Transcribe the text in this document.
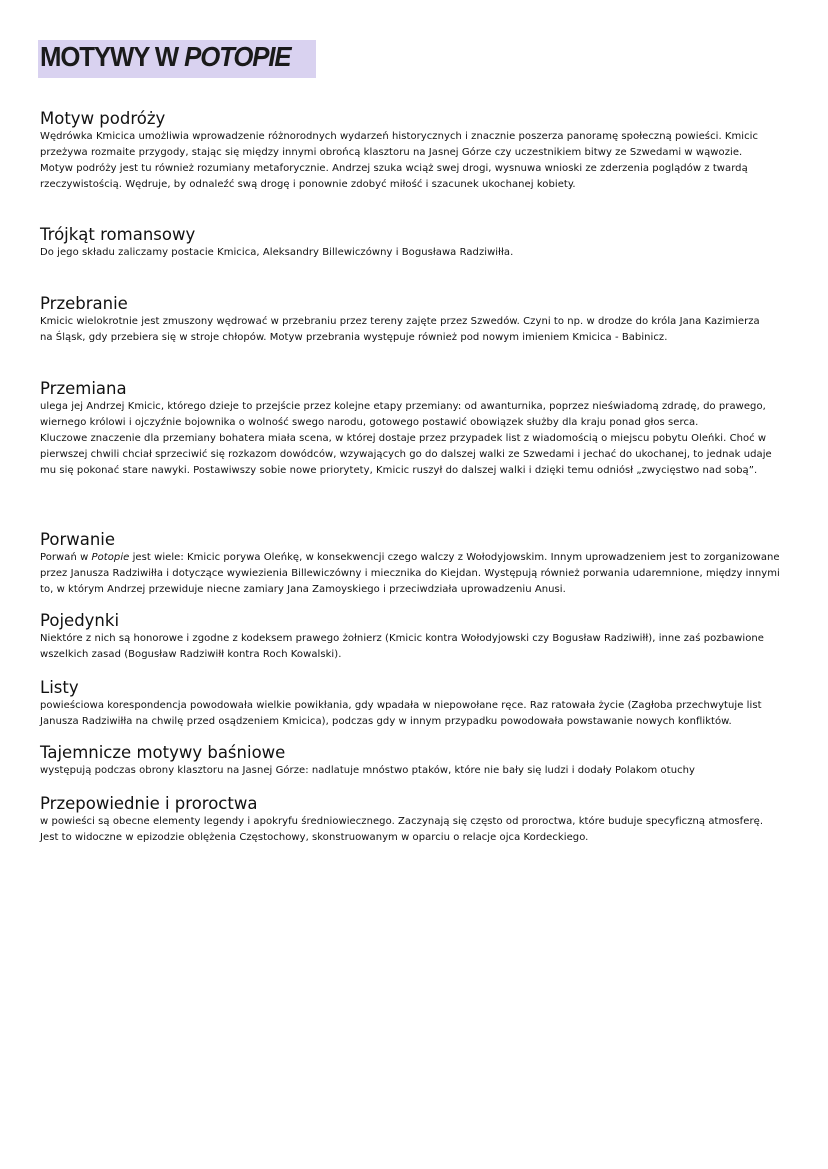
MOTYWY W POTOPIE
Motyw podróży

Wędrówka Kmicica umożliwia wprowadzenie różnorodnych wydarzeń historycznych i znacznie poszerza panoramę społeczną powieści. Kmicic
przeżywa rozmaite przygody, stając się między innymi obrońcą klasztoru na Jasnej Górze czy uczestnikiem bitwy ze Szwedami w wąwozie.
Motyw podróży jest tu również rozumiany metaforycznie. Andrzej szuka wciąż swej drogi, wysnuwa wnioski ze zderzenia poglądów z twardą
rzeczywistością. Wędruje, by odnaleźć swą drogę i ponownie zdobyć miłość i szacunek ukochanej kobiety.

Trójkąt romansowy

Do jego składu zaliczamy postacie Kmicica, Aleksandry Billewiczówny i Bogusława Radziwiłła.

Przebranie

Kmicic wielokrotnie jest zmuszony wędrować w przebraniu przez tereny zajęte przez Szwedów. Czyni to np. w drodze do króla Jana Kazimierza
na Śląsk, gdy przebiera się w stroje chłopów. Motyw przebrania występuje również pod nowym imieniem Kmicica - Babinicz.

Przemiana

ulega jej Andrzej Kmicic, którego dzieje to przejście przez kolejne etapy przemiany: od awanturnika, poprzez nieświadomą zdradę, do prawego,
wiernego królowi i ojczyźnie bojownika o wolność swego narodu, gotowego postawić obowiązek służby dla kraju ponad głos serca.
Kluczowe znaczenie dla przemiany bohatera miała scena, w której dostaje przez przypadek list z wiadomością o miejscu pobytu Oleńki. Choć w
pierwszej chwili chciał sprzeciwić się rozkazom dowódców, wzywających go do dalszej walki ze Szwedami i jechać do ukochanej, to jednak udaje
mu się pokonać stare nawyki. Postawiwszy sobie nowe priorytety, Kmicic ruszył do dalszej walki i dzięki temu odniósł „zwycięstwo nad sobą”.

Porwanie

Porwań w Potopie jest wiele: Kmicic porywa Oleńkę, w konsekwencji czego walczy z Wołodyjowskim. Innym uprowadzeniem jest to zorganizowane
przez Janusza Radziwiłła i dotyczące wywiezienia Billewiczówny i miecznika do Kiejdan. Występują również porwania udaremnione, między innymi
to, w którym Andrzej przewiduje niecne zamiary Jana Zamoyskiego i przeciwdziała uprowadzeniu Anusi.

Pojedynki

Niektóre z nich są honorowe i zgodne z kodeksem prawego żołnierz (Kmicic kontra Wołodyjowski czy Bogusław Radziwiłł), inne zaś pozbawione
wszelkich zasad (Bogusław Radziwiłł kontra Roch Kowalski).

Listy

powieściowa korespondencja powodowała wielkie powikłania, gdy wpadała w niepowołane ręce. Raz ratowała życie (Zagłoba przechwytuje list
Janusza Radziwiłła na chwilę przed osądzeniem Kmicica), podczas gdy w innym przypadku powodowała powstawanie nowych konfliktów.

Tajemnicze motywy baśniowe

występują podczas obrony klasztoru na Jasnej Górze: nadlatuje mnóstwo ptaków, które nie bały się ludzi i dodały Polakom otuchy

Przepowiednie i proroctwa

w powieści są obecne elementy legendy i apokryfu średniowiecznego. Zaczynają się często od proroctwa, które buduje specyficzną atmosferę.
Jest to widoczne w epizodzie oblężenia Częstochowy, skonstruowanym w oparciu o relacje ojca Kordeckiego.
